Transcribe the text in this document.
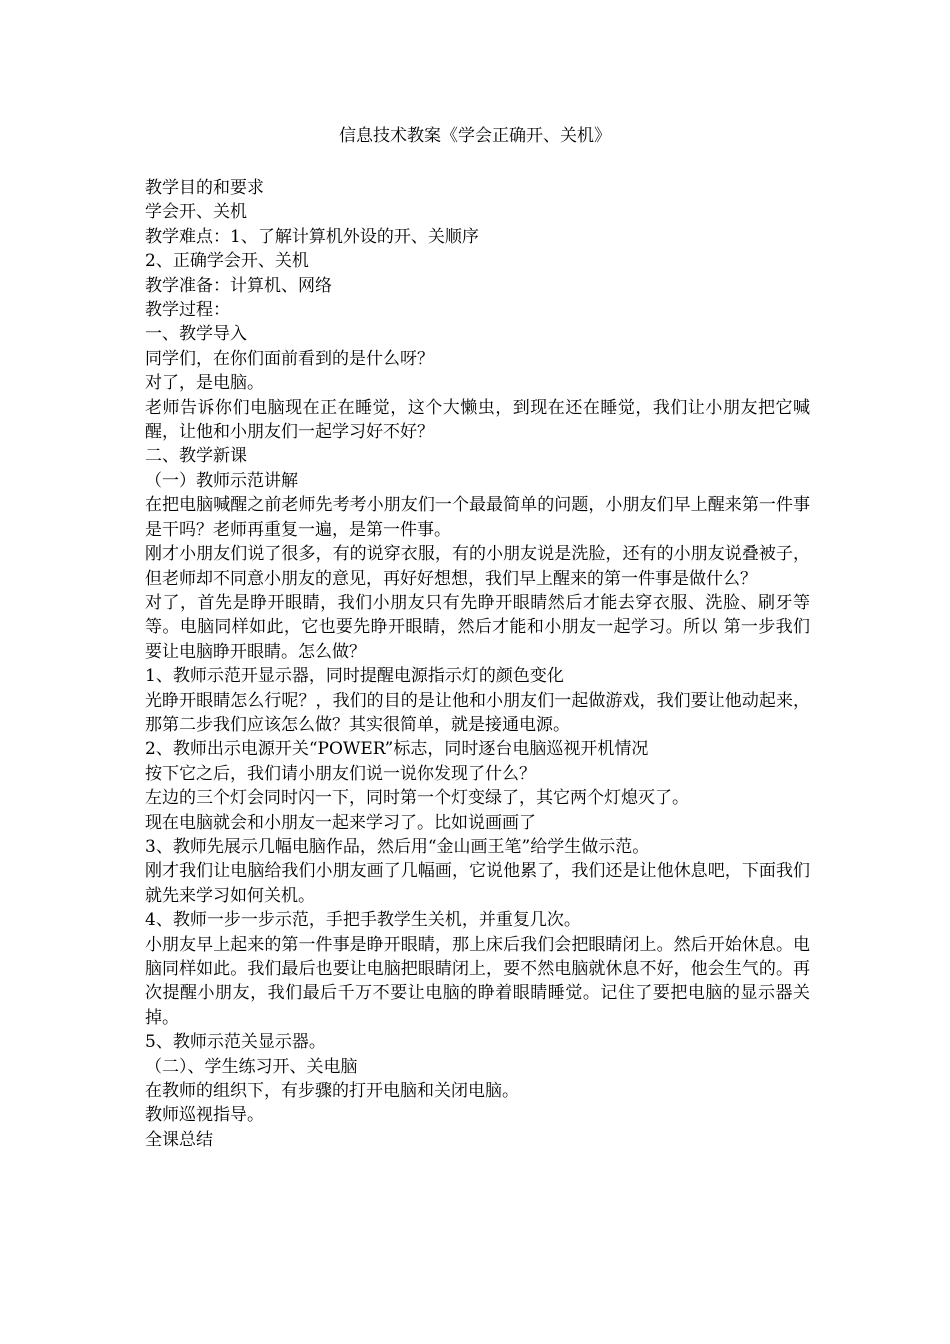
信息技术教案《学会正确开、关机》

教学目的和要求

学会开、关机

教学难点：1、了解计算机外设的开、关顺序

2、正确学会开、关机

教学准备：计算机、网络

教学过程：

一、教学导入

同学们，在你们面前看到的是什么呀？

对了，是电脑。

老师告诉你们电脑现在正在睡觉，这个大懒虫，到现在还在睡觉，我们让小朋友把它喊醒，让他和小朋友们一起学习好不好？

二、教学新课

（一）教师示范讲解

在把电脑喊醒之前老师先考考小朋友们一个最最简单的问题，小朋友们早上醒来第一件事是干吗？老师再重复一遍，是第一件事。

刚才小朋友们说了很多，有的说穿衣服，有的小朋友说是洗脸，还有的小朋友说叠被子，但老师却不同意小朋友的意见，再好好想想，我们早上醒来的第一件事是做什么？

对了，首先是睁开眼睛，我们小朋友只有先睁开眼睛然后才能去穿衣服、洗脸、刷牙等等。电脑同样如此，它也要先睁开眼睛，然后才能和小朋友一起学习。所以 第一步我们要让电脑睁开眼睛。怎么做？

1、教师示范开显示器，同时提醒电源指示灯的颜色变化

光睁开眼睛怎么行呢？，我们的目的是让他和小朋友们一起做游戏，我们要让他动起来，那第二步我们应该怎么做？其实很简单，就是接通电源。

2、教师出示电源开关“POWER”标志，同时逐台电脑巡视开机情况

按下它之后，我们请小朋友们说一说你发现了什么？

左边的三个灯会同时闪一下，同时第一个灯变绿了，其它两个灯熄灭了。

现在电脑就会和小朋友一起来学习了。比如说画画了

3、教师先展示几幅电脑作品，然后用“金山画王笔”给学生做示范。

刚才我们让电脑给我们小朋友画了几幅画，它说他累了，我们还是让他休息吧，下面我们就先来学习如何关机。

4、教师一步一步示范，手把手教学生关机，并重复几次。

小朋友早上起来的第一件事是睁开眼睛，那上床后我们会把眼睛闭上。然后开始休息。电脑同样如此。我们最后也要让电脑把眼睛闭上，要不然电脑就休息不好，他会生气的。再次提醒小朋友，我们最后千万不要让电脑的睁着眼睛睡觉。记住了要把电脑的显示器关掉。

5、教师示范关显示器。

（二）、学生练习开、关电脑

在教师的组织下，有步骤的打开电脑和关闭电脑。

教师巡视指导。

全课总结
